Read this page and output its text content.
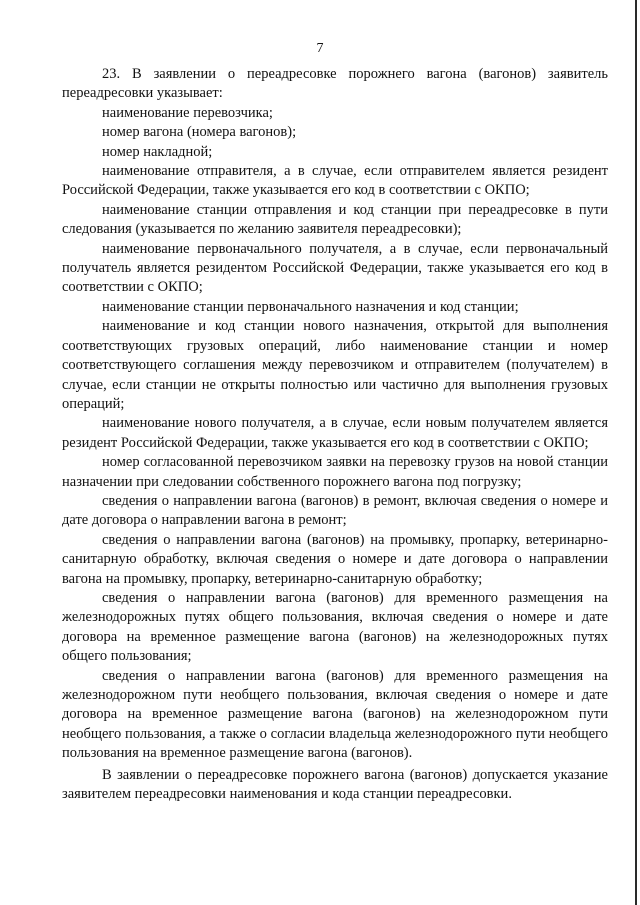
7

23. В заявлении о переадресовке порожнего вагона (вагонов) заявитель переадресовки указывает:

наименование перевозчика;

номер вагона (номера вагонов);

номер накладной;

наименование отправителя, а в случае, если отправителем является резидент Российской Федерации, также указывается его код в соответствии с ОКПО;

наименование станции отправления и код станции при переадресовке в пути следования (указывается по желанию заявителя переадресовки);

наименование первоначального получателя, а в случае, если первоначальный получатель является резидентом Российской Федерации, также указывается его код в соответствии с ОКПО;

наименование станции первоначального назначения и код станции;

наименование и код станции нового назначения, открытой для выполнения соответствующих грузовых операций, либо наименование станции и номер соответствующего соглашения между перевозчиком и отправителем (получателем) в случае, если станции не открыты полностью или частично для выполнения грузовых операций;

наименование нового получателя, а в случае, если новым получателем является резидент Российской Федерации, также указывается его код в соответствии с ОКПО;

номер согласованной перевозчиком заявки на перевозку грузов на новой станции назначении при следовании собственного порожнего вагона под погрузку;

сведения о направлении вагона (вагонов) в ремонт, включая сведения о номере и дате договора о направлении вагона в ремонт;

сведения о направлении вагона (вагонов) на промывку, пропарку, ветеринарно-санитарную обработку, включая сведения о номере и дате договора о направлении вагона на промывку, пропарку, ветеринарно-санитарную обработку;

сведения о направлении вагона (вагонов) для временного размещения на железнодорожных путях общего пользования, включая сведения о номере и дате договора на временное размещение вагона (вагонов) на железнодорожных путях общего пользования;

сведения о направлении вагона (вагонов) для временного размещения на железнодорожном пути необщего пользования, включая сведения о номере и дате договора на временное размещение вагона (вагонов) на железнодорожном пути необщего пользования, а также о согласии владельца железнодорожного пути необщего пользования на временное размещение вагона (вагонов).

В заявлении о переадресовке порожнего вагона (вагонов) допускается указание заявителем переадресовки наименования и кода станции переадресовки.
